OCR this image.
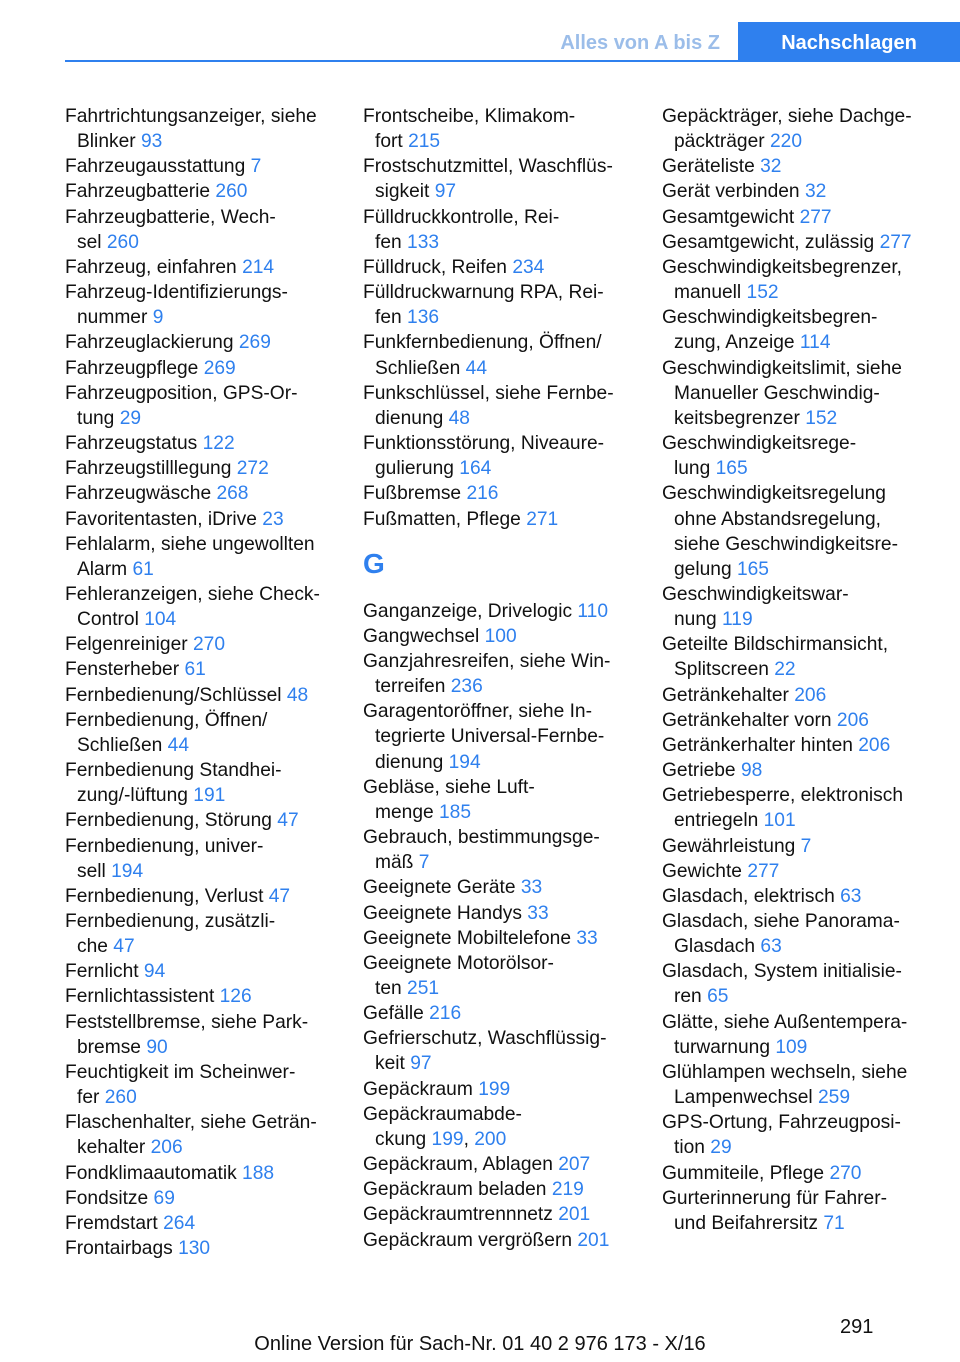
Alles von A bis Z	Nachschlagen
Fahrtrichtungsanzeiger, siehe
Blinker 93
Fahrzeugausstattung 7
Fahrzeugbatterie 260
Fahrzeugbatterie, Wech-
sel 260
Fahrzeug, einfahren 214
Fahrzeug-Identifizierungs-
nummer 9
Fahrzeuglackierung 269
Fahrzeugpflege 269
Fahrzeugposition, GPS-Or-
tung 29
Fahrzeugstatus 122
Fahrzeugstilllegung 272
Fahrzeugwäsche 268
Favoritentasten, iDrive 23
Fehlalarm, siehe ungewollten
Alarm 61
Fehleranzeigen, siehe Check-
Control 104
Felgenreiniger 270
Fensterheber 61
Fernbedienung/Schlüssel 48
Fernbedienung, Öffnen/
Schließen 44
Fernbedienung Standhei-
zung/-lüftung 191
Fernbedienung, Störung 47
Fernbedienung, univer-
sell 194
Fernbedienung, Verlust 47
Fernbedienung, zusätzli-
che 47
Fernlicht 94
Fernlichtassistent 126
Feststellbremse, siehe Park-
bremse 90
Feuchtigkeit im Scheinwer-
fer 260
Flaschenhalter, siehe Geträn-
kehalter 206
Fondklimaautomatik 188
Fondsitze 69
Fremdstart 264
Frontairbags 130
Frontscheibe, Klimakom-
fort 215
Frostschutzmittel, Waschflüs-
sigkeit 97
Fülldruckkontrolle, Rei-
fen 133
Fülldruck, Reifen 234
Fülldruckwarnung RPA, Rei-
fen 136
Funkfernbedienung, Öffnen/
Schließen 44
Funkschlüssel, siehe Fernbe-
dienung 48
Funktionsstörung, Niveaure-
gulierung 164
Fußbremse 216
Fußmatten, Pflege 271
G
Ganganzeige, Drivelogic 110
Gangwechsel 100
Ganzjahresreifen, siehe Win-
terreifen 236
Garagentoröffner, siehe In-
tegrierte Universal-Fernbe-
dienung 194
Gebläse, siehe Luft-
menge 185
Gebrauch, bestimmungsge-
mäß 7
Geeignete Geräte 33
Geeignete Handys 33
Geeignete Mobiltelefone 33
Geeignete Motorölsor-
ten 251
Gefälle 216
Gefrierschutz, Waschflüssig-
keit 97
Gepäckraum 199
Gepäckraumabde-
ckung 199, 200
Gepäckraum, Ablagen 207
Gepäckraum beladen 219
Gepäckraumtrennnetz 201
Gepäckraum vergrößern 201
Gepäckträger, siehe Dachge-
päckträger 220
Geräteliste 32
Gerät verbinden 32
Gesamtgewicht 277
Gesamtgewicht, zulässig 277
Geschwindigkeitsbegrenzer,
manuell 152
Geschwindigkeitsbegren-
zung, Anzeige 114
Geschwindigkeitslimit, siehe
Manueller Geschwindig-
keitsbegrenzer 152
Geschwindigkeitsrege-
lung 165
Geschwindigkeitsregelung
ohne Abstandsregelung,
siehe Geschwindigkeitsre-
gelung 165
Geschwindigkeitswar-
nung 119
Geteilte Bildschirmansicht,
Splitscreen 22
Getränkehalter 206
Getränkehalter vorn 206
Getränkerhalter hinten 206
Getriebe 98
Getriebesperre, elektronisch
entriegeln 101
Gewährleistung 7
Gewichte 277
Glasdach, elektrisch 63
Glasdach, siehe Panorama-
Glasdach 63
Glasdach, System initialisie-
ren 65
Glätte, siehe Außentempera-
turwarnung 109
Glühlampen wechseln, siehe
Lampenwechsel 259
GPS-Ortung, Fahrzeugposi-
tion 29
Gummiteile, Pflege 270
Gurterinnerung für Fahrer-
und Beifahrersitz 71
291
Online Version für Sach-Nr. 01 40 2 976 173 - X/16
